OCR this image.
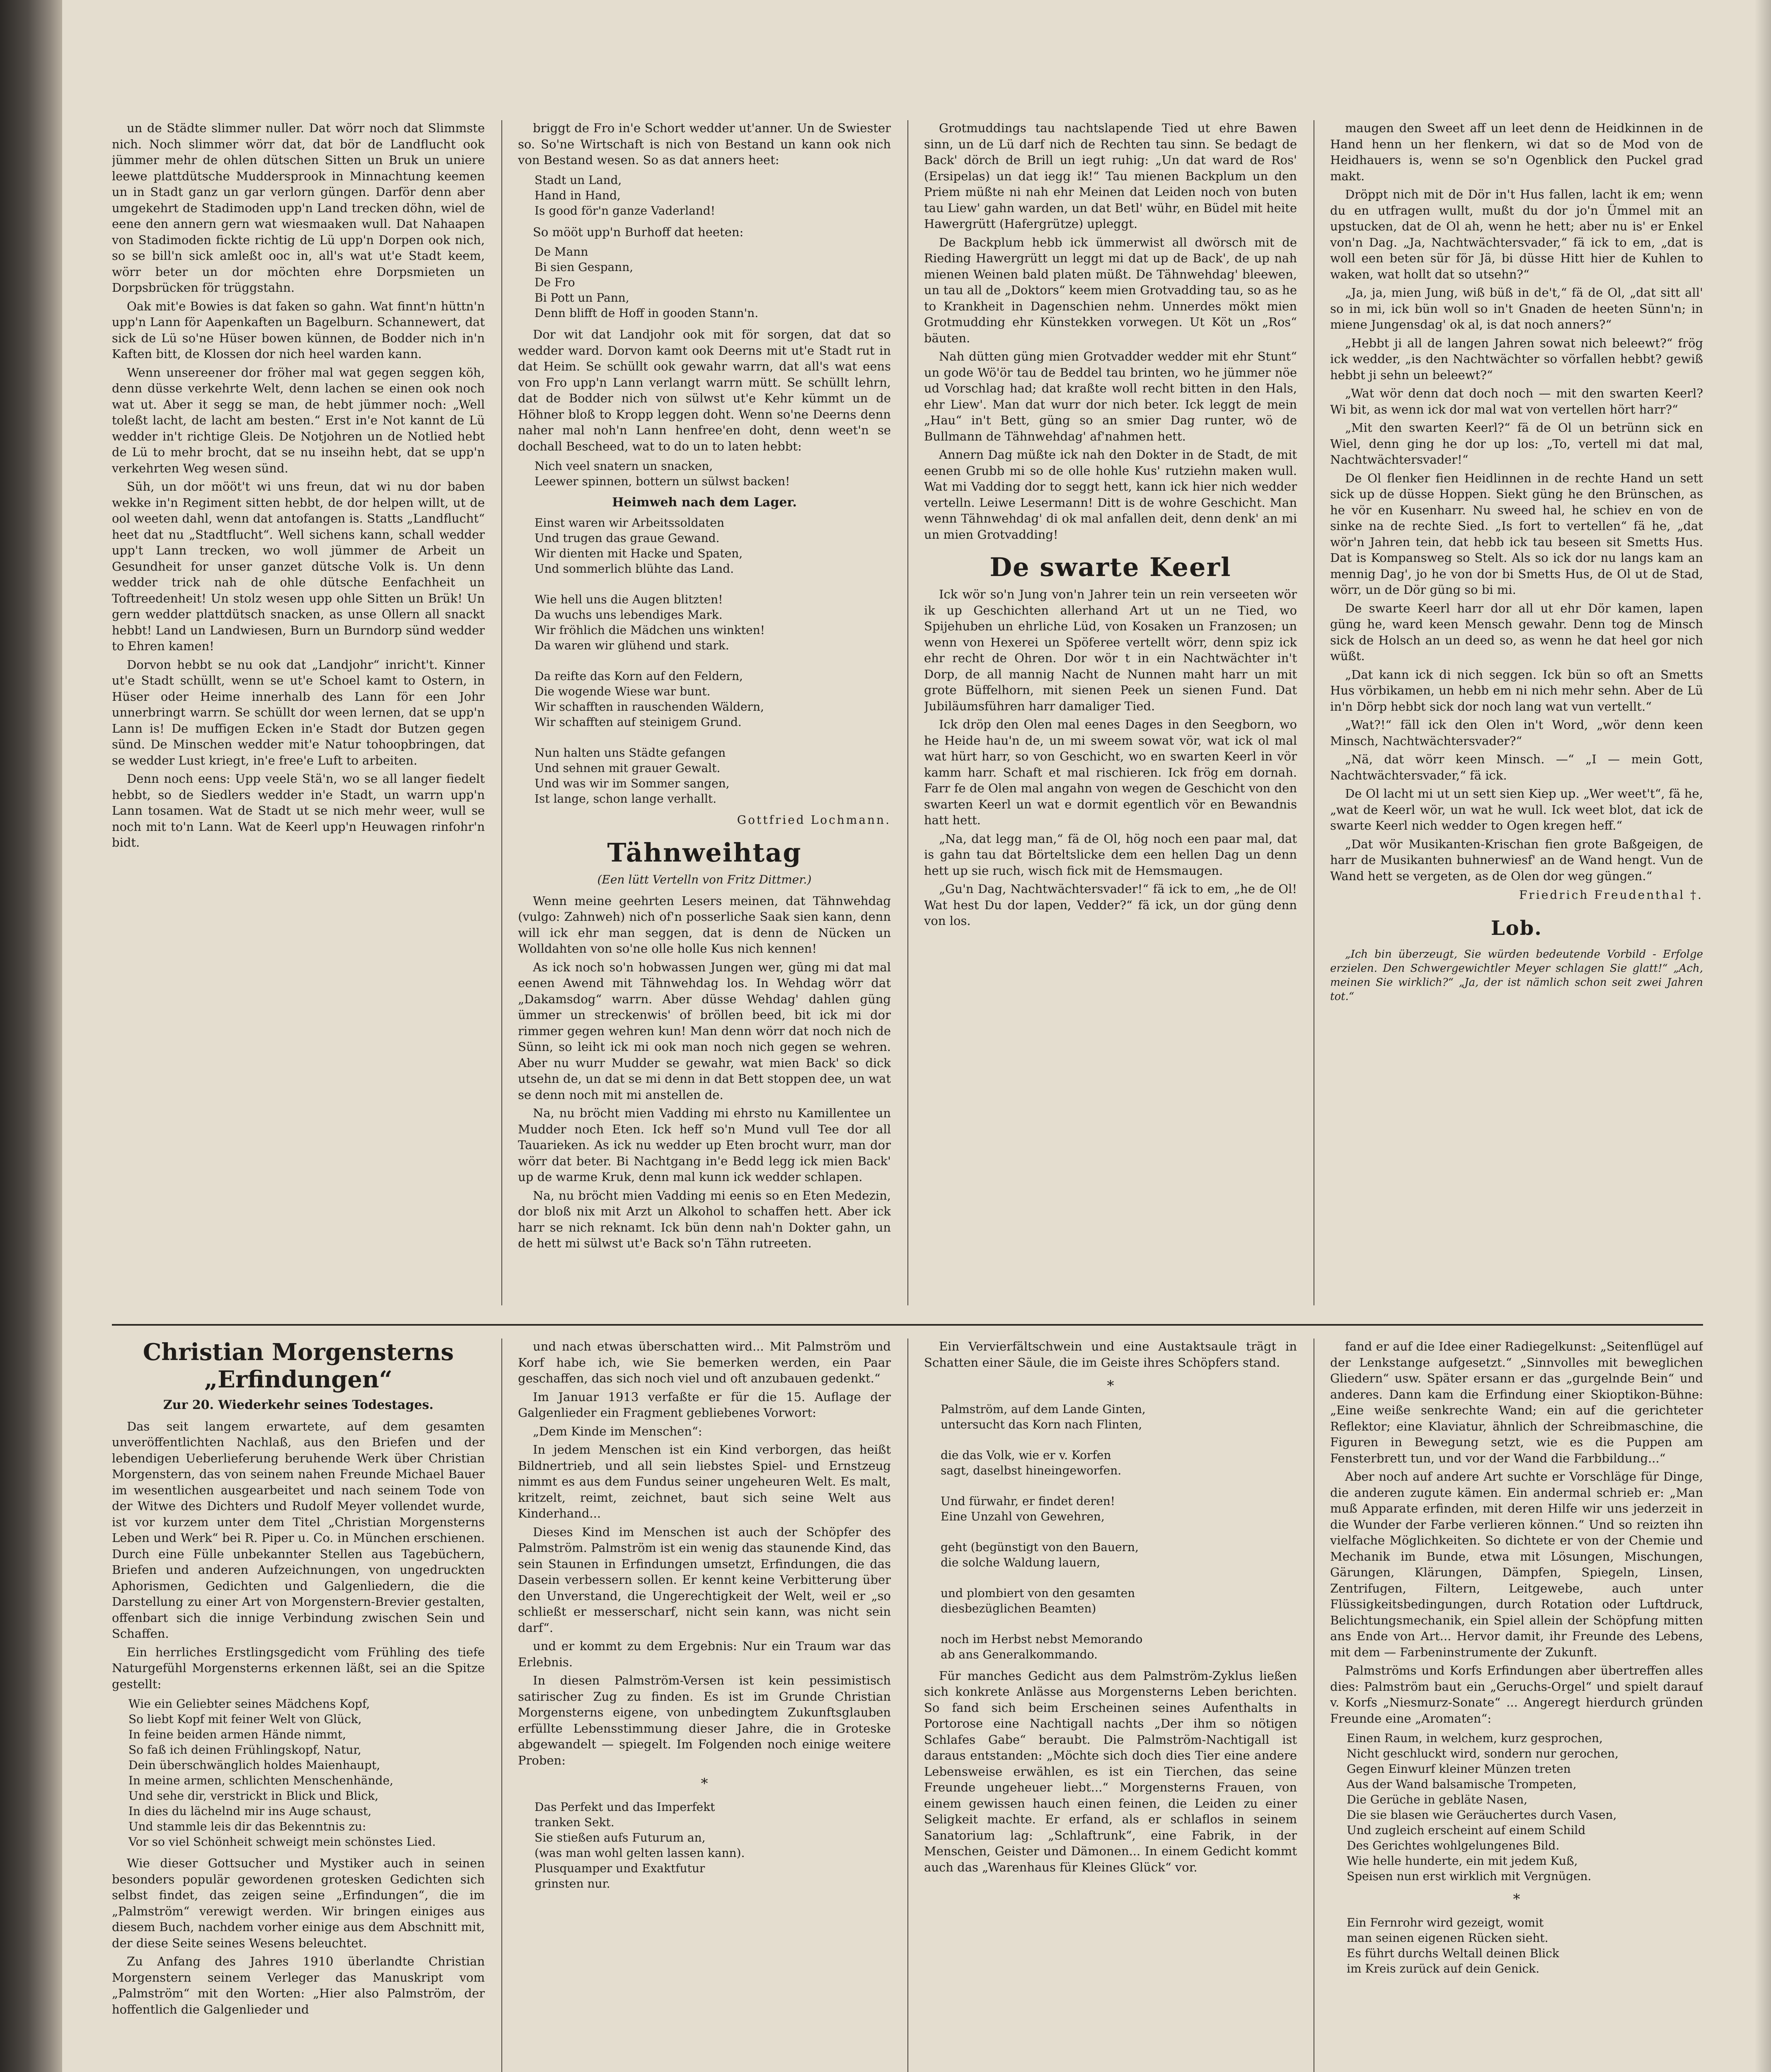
un de Städte slimmer nuller. Dat wörr noch dat Slimmste nich. Noch slimmer wörr dat, dat bör de Landflucht ook jümmer mehr de ohlen dütschen Sitten un Bruk un uniere leewe plattdütsche Muddersprook in Minnachtung keemen un in Stadt ganz un gar verlorn güngen. Darför denn aber umgekehrt de Stadimoden upp'n Land trecken döhn, wiel de eene den annern gern wat wiesmaaken wull. Dat Nahaapen von Stadimoden fickte richtig de Lü upp'n Dorpen ook nich, so se bill'n sick amleßt ooc in, all's wat ut'e Stadt keem, wörr beter un dor möchten ehre Dorpsmieten un Dorpsbrücken för trüggstahn.

Oak mit'e Bowies is dat faken so gahn. Wat finnt'n hüttn'n upp'n Lann för Aapenkaften un Bagelburn. Schannewert, dat sick de Lü so'ne Hüser bowen künnen, de Bodder nich in'n Kaften bitt, de Klossen dor nich heel warden kann.

Wenn unsereener dor fröher mal wat gegen seggen köh, denn düsse verkehrte Welt, denn lachen se einen ook noch wat ut. Aber it segg se man, de hebt jümmer noch: „Well toleßt lacht, de lacht am besten.“ Erst in'e Not kannt de Lü wedder in't richtige Gleis. De Notjohren un de Notlied hebt de Lü to mehr brocht, dat se nu inseihn hebt, dat se upp'n verkehrten Weg wesen sünd.

Süh, un dor mööt't wi uns freun, dat wi nu dor baben wekke in'n Regiment sitten hebbt, de dor helpen willt, ut de ool weeten dahl, wenn dat antofangen is. Statts „Landflucht“ heet dat nu „Stadtflucht“. Well sichens kann, schall wedder upp't Lann trecken, wo woll jümmer de Arbeit un Gesundheit for unser ganzet dütsche Volk is. Un denn wedder trick nah de ohle dütsche Eenfachheit un Toftreedenheit! Un stolz wesen upp ohle Sitten un Brük! Un gern wedder plattdütsch snacken, as unse Ollern all snackt hebbt! Land un Landwiesen, Burn un Burndorp sünd wedder to Ehren kamen!

Dorvon hebbt se nu ook dat „Landjohr“ inricht't. Kinner ut'e Stadt schüllt, wenn se ut'e Schoel kamt to Ostern, in Hüser oder Heime innerhalb des Lann för een Johr unnerbringt warrn. Se schüllt dor ween lernen, dat se upp'n Lann is! De muffigen Ecken in'e Stadt dor Butzen gegen sünd. De Minschen wedder mit'e Natur tohoopbringen, dat se wedder Lust kriegt, in'e free'e Luft to arbeiten.

Denn noch eens: Upp veele Stä'n, wo se all langer fiedelt hebbt, so de Siedlers wedder in'e Stadt, un warrn upp'n Lann tosamen. Wat de Stadt ut se nich mehr weer, wull se noch mit to'n Lann. Wat de Keerl upp'n Heuwagen rinfohr'n bidt.

briggt de Fro in'e Schort wedder ut'anner. Un de Swiester so. So'ne Wirtschaft is nich von Bestand un kann ook nich von Bestand wesen. So as dat anners heet:

Stadt un Land,
Hand in Hand,
Is good för'n ganze Vaderland!

So mööt upp'n Burhoff dat heeten:

De Mann
Bi sien Gespann,
De Fro
Bi Pott un Pann,
Denn blifft de Hoff in gooden Stann'n.

Dor wit dat Landjohr ook mit för sorgen, dat dat so wedder ward. Dorvon kamt ook Deerns mit ut'e Stadt rut in dat Heim. Se schüllt ook gewahr warrn, dat all's wat eens von Fro upp'n Lann verlangt warrn mütt. Se schüllt lehrn, dat de Bodder nich von sülwst ut'e Kehr kümmt un de Höhner bloß to Kropp leggen doht. Wenn so'ne Deerns denn naher mal noh'n Lann henfree'en doht, denn weet'n se dochall Bescheed, wat to do un to laten hebbt:

Nich veel snatern un snacken,
Leewer spinnen, bottern un sülwst backen!
Heimweh nach dem Lager.
Einst waren wir Arbeitssoldaten
Und trugen das graue Gewand.
Wir dienten mit Hacke und Spaten,
Und sommerlich blühte das Land.

Wie hell uns die Augen blitzten!
Da wuchs uns lebendiges Mark.
Wir fröhlich die Mädchen uns winkten!
Da waren wir glühend und stark.

Da reifte das Korn auf den Feldern,
Die wogende Wiese war bunt.
Wir schafften in rauschenden Wäldern,
Wir schafften auf steinigem Grund.

Nun halten uns Städte gefangen
Und sehnen mit grauer Gewalt.
Und was wir im Sommer sangen,
Ist lange, schon lange verhallt.
Gottfried Lochmann.
Tähnweihtag
(Een lütt Vertelln von Fritz Dittmer.)

Wenn meine geehrten Lesers meinen, dat Tähnwehdag (vulgo: Zahnweh) nich of'n posserliche Saak sien kann, denn will ick ehr man seggen, dat is denn de Nücken un Wolldahten von so'ne olle holle Kus nich kennen!

As ick noch so'n hobwassen Jungen wer, güng mi dat mal eenen Awend mit Tähnwehdag los. In Wehdag wörr dat „Dakamsdog“ warrn. Aber düsse Wehdag' dahlen güng ümmer un streckenwis' of bröllen beed, bit ick mi dor rimmer gegen wehren kun! Man denn wörr dat noch nich de Sünn, so leiht ick mi ook man noch nich gegen se wehren. Aber nu wurr Mudder se gewahr, wat mien Back' so dick utsehn de, un dat se mi denn in dat Bett stoppen dee, un wat se denn noch mit mi anstellen de.

Na, nu bröcht mien Vadding mi ehrsto nu Kamillentee un Mudder noch Eten. Ick heff so'n Mund vull Tee dor all Tauarieken. As ick nu wedder up Eten brocht wurr, man dor wörr dat beter. Bi Nachtgang in'e Bedd legg ick mien Back' up de warme Kruk, denn mal kunn ick wedder schlapen.

Na, nu bröcht mien Vadding mi eenis so en Eten Medezin, dor bloß nix mit Arzt un Alkohol to schaffen hett. Aber ick harr se nich reknamt. Ick bün denn nah'n Dokter gahn, un de hett mi sülwst ut'e Back so'n Tähn rutreeten.

Grotmuddings tau nachtslapende Tied ut ehre Bawen sinn, un de Lü darf nich de Rechten tau sinn. Se bedagt de Back' dörch de Brill un iegt ruhig: „Un dat ward de Ros' (Ersipelas) un dat iegg ik!“ Tau mienen Backplum un den Priem müßte ni nah ehr Meinen dat Leiden noch von buten tau Liew' gahn warden, un dat Betl' wühr, en Büdel mit heite Hawergrütt (Hafergrütze) upleggt.

De Backplum hebb ick ümmerwist all dwörsch mit de Rieding Hawergrütt un leggt mi dat up de Back', de up nah mienen Weinen bald platen müßt. De Tähnwehdag' bleewen, un tau all de „Doktors“ keem mien Grotvadding tau, so as he to Krankheit in Dagenschien nehm. Unnerdes mökt mien Grotmudding ehr Künstekken vorwegen. Ut Köt un „Ros“ bäuten.

Nah dütten güng mien Grotvadder wedder mit ehr Stunt“ un gode Wö'ör tau de Beddel tau brinten, wo he jümmer nöe ud Vorschlag had; dat kraßte woll recht bitten in den Hals, ehr Liew'. Man dat wurr dor nich beter. Ick leggt de mein „Hau“ in't Bett, güng so an smier Dag runter, wö de Bullmann de Tähnwehdag' af'nahmen hett.

Annern Dag müßte ick nah den Dokter in de Stadt, de mit eenen Grubb mi so de olle hohle Kus' rutziehn maken wull. Wat mi Vadding dor to seggt hett, kann ick hier nich wedder vertelln. Leiwe Lesermann! Ditt is de wohre Geschicht. Man wenn Tähnwehdag' di ok mal anfallen deit, denn denk' an mi un mien Grotvadding!

De swarte Keerl

Ick wör so'n Jung von'n Jahrer tein un rein verseeten wör ik up Geschichten allerhand Art ut un ne Tied, wo Spijehuben un ehrliche Lüd, von Kosaken un Franzosen; un wenn von Hexerei un Spöferee vertellt wörr, denn spiz ick ehr recht de Ohren. Dor wör t in ein Nachtwächter in't Dorp, de all mannig Nacht de Nunnen maht harr un mit grote Büffelhorn, mit sienen Peek un sienen Fund. Dat Jubiläumsführen harr damaliger Tied.

Ick dröp den Olen mal eenes Dages in den Seegborn, wo he Heide hau'n de, un mi sweem sowat vör, wat ick ol mal wat hürt harr, so von Geschicht, wo en swarten Keerl in vör kamm harr. Schaft et mal rischieren. Ick frög em dornah. Farr fe de Olen mal angahn von wegen de Geschicht von den swarten Keerl un wat e dormit egentlich vör en Bewandnis hatt hett.

„Na, dat legg man,“ fä de Ol, hög noch een paar mal, dat is gahn tau dat Börteltslicke dem een hellen Dag un denn hett up sie ruch, wisch fick mit de Hemsmaugen.

„Gu'n Dag, Nachtwächtersvader!“ fä ick to em, „he de Ol! Wat hest Du dor lapen, Vedder?“ fä ick, un dor güng denn von los.

maugen den Sweet aff un leet denn de Heidkinnen in de Hand henn un her flenkern, wi dat so de Mod von de Heidhauers is, wenn se so'n Ogenblick den Puckel grad makt.

Dröppt nich mit de Dör in't Hus fallen, lacht ik em; wenn du en utfragen wullt, mußt du dor jo'n Ümmel mit an upstucken, dat de Ol ah, wenn he hett; aber nu is' er Enkel von'n Dag. „Ja, Nachtwächtersvader,“ fä ick to em, „dat is woll een beten sür för Jä, bi düsse Hitt hier de Kuhlen to waken, wat hollt dat so utsehn?“

„Ja, ja, mien Jung, wiß büß in de't,“ fä de Ol, „dat sitt all' so in mi, ick bün woll so in't Gnaden de heeten Sünn'n; in miene Jungensdag' ok al, is dat noch anners?“

„Hebbt ji all de langen Jahren sowat nich beleewt?“ frög ick wedder, „is den Nachtwächter so vörfallen hebbt? gewiß hebbt ji sehn un beleewt?“

„Wat wör denn dat doch noch — mit den swarten Keerl? Wi bit, as wenn ick dor mal wat von vertellen hört harr?“

„Mit den swarten Keerl?“ fä de Ol un betrünn sick en Wiel, denn ging he dor up los: „To, vertell mi dat mal, Nachtwächtersvader!“

De Ol flenker fien Heidlinnen in de rechte Hand un sett sick up de düsse Hoppen. Siekt güng he den Brünschen, as he vör en Kusenharr. Nu sweed hal, he schiev en von de sinke na de rechte Sied. „Is fort to vertellen“ fä he, „dat wör'n Jahren tein, dat hebb ick tau beseen sit Smetts Hus. Dat is Kompansweg so Stelt. Als so ick dor nu langs kam an mennig Dag', jo he von dor bi Smetts Hus, de Ol ut de Stad, wörr, un de Dör güng so bi mi.

De swarte Keerl harr dor all ut ehr Dör kamen, lapen güng he, ward keen Mensch gewahr. Denn tog de Minsch sick de Holsch an un deed so, as wenn he dat heel gor nich wüßt.

„Dat kann ick di nich seggen. Ick bün so oft an Smetts Hus vörbikamen, un hebb em ni nich mehr sehn. Aber de Lü in'n Dörp hebbt sick dor noch lang wat vun vertellt.“

„Wat?!“ fäll ick den Olen in't Word, „wör denn keen Minsch, Nachtwächtersvader?“

„Nä, dat wörr keen Minsch. —“ „I — mein Gott, Nachtwächtersvader,“ fä ick.

De Ol lacht mi ut un sett sien Kiep up. „Wer weet't“, fä he, „wat de Keerl wör, un wat he wull. Ick weet blot, dat ick de swarte Keerl nich wedder to Ogen kregen heff.“

„Dat wör Musikanten-Krischan fien grote Baßgeigen, de harr de Musikanten buhnerwiesf' an de Wand hengt. Vun de Wand hett se vergeten, as de Olen dor weg güngen.“

Friedrich Freudenthal †.
Lob.

„Ich bin überzeugt, Sie würden bedeutende Vorbild - Erfolge erzielen. Den Schwergewichtler Meyer schlagen Sie glatt!“ „Ach, meinen Sie wirklich?“ „Ja, der ist nämlich schon seit zwei Jahren tot.“

Christian Morgensterns „Erfindungen“
Zur 20. Wiederkehr seines Todestages.

Das seit langem erwartete, auf dem gesamten unveröffentlichten Nachlaß, aus den Briefen und der lebendigen Ueberlieferung beruhende Werk über Christian Morgenstern, das von seinem nahen Freunde Michael Bauer im wesentlichen ausgearbeitet und nach seinem Tode von der Witwe des Dichters und Rudolf Meyer vollendet wurde, ist vor kurzem unter dem Titel „Christian Morgensterns Leben und Werk“ bei R. Piper u. Co. in München erschienen. Durch eine Fülle unbekannter Stellen aus Tagebüchern, Briefen und anderen Aufzeichnungen, von ungedruckten Aphorismen, Gedichten und Galgenliedern, die die Darstellung zu einer Art von Morgenstern-Brevier gestalten, offenbart sich die innige Verbindung zwischen Sein und Schaffen.

Ein herrliches Erstlingsgedicht vom Frühling des tiefe Naturgefühl Morgensterns erkennen läßt, sei an die Spitze gestellt:

Wie ein Geliebter seines Mädchens Kopf,
So liebt Kopf mit feiner Welt von Glück,
In feine beiden armen Hände nimmt,
So faß ich deinen Frühlingskopf, Natur,
Dein überschwänglich holdes Maienhaupt,
In meine armen, schlichten Menschenhände,
Und sehe dir, verstrickt in Blick und Blick,
In dies du lächelnd mir ins Auge schaust,
Und stammle leis dir das Bekenntnis zu:
Vor so viel Schönheit schweigt mein schönstes Lied.

Wie dieser Gottsucher und Mystiker auch in seinen besonders populär gewordenen grotesken Gedichten sich selbst findet, das zeigen seine „Erfindungen“, die im „Palmström“ verewigt werden. Wir bringen einiges aus diesem Buch, nachdem vorher einige aus dem Abschnitt mit, der diese Seite seines Wesens beleuchtet.

Zu Anfang des Jahres 1910 überlandte Christian Morgenstern seinem Verleger das Manuskript vom „Palmström“ mit den Worten: „Hier also Palmström, der hoffentlich die Galgenlieder und

und nach etwas überschatten wird... Mit Palmström und Korf habe ich, wie Sie bemerken werden, ein Paar geschaffen, das sich noch viel und oft anzubauen gedenkt.“

Im Januar 1913 verfaßte er für die 15. Auflage der Galgenlieder ein Fragment gebliebenes Vorwort:

„Dem Kinde im Menschen“:

In jedem Menschen ist ein Kind verborgen, das heißt Bildnertrieb, und all sein liebstes Spiel- und Ernstzeug nimmt es aus dem Fundus seiner ungeheuren Welt. Es malt, kritzelt, reimt, zeichnet, baut sich seine Welt aus Kinderhand...

Dieses Kind im Menschen ist auch der Schöpfer des Palmström. Palmström ist ein wenig das staunende Kind, das sein Staunen in Erfindungen umsetzt, Erfindungen, die das Dasein verbessern sollen. Er kennt keine Verbitterung über den Unverstand, die Ungerechtigkeit der Welt, weil er „so schließt er messerscharf, nicht sein kann, was nicht sein darf“.

und er kommt zu dem Ergebnis: Nur ein Traum war das Erlebnis.

In diesen Palmström-Versen ist kein pessimistisch satirischer Zug zu finden. Es ist im Grunde Christian Morgensterns eigene, von unbedingtem Zukunftsglauben erfüllte Lebensstimmung dieser Jahre, die in Groteske abgewandelt — spiegelt. Im Folgenden noch einige weitere Proben:

*
Das Perfekt und das Imperfekt
tranken Sekt.
Sie stießen aufs Futurum an,
(was man wohl gelten lassen kann).
Plusquamper und Exaktfutur
grinsten nur.

Ein Vervierfältschwein und eine Austaktsaule trägt in Schatten einer Säule, die im Geiste ihres Schöpfers stand.

*
Palmström, auf dem Lande Ginten,
untersucht das Korn nach Flinten,

die das Volk, wie er v. Korfen
sagt, daselbst hineingeworfen.

Und fürwahr, er findet deren!
Eine Unzahl von Gewehren,

geht (begünstigt von den Bauern,
die solche Waldung lauern,

und plombiert von den gesamten
diesbezüglichen Beamten)

noch im Herbst nebst Memorando
ab ans Generalkommando.

Für manches Gedicht aus dem Palmström-Zyklus ließen sich konkrete Anlässe aus Morgensterns Leben berichten. So fand sich beim Erscheinen seines Aufenthalts in Portorose eine Nachtigall nachts „Der ihm so nötigen Schlafes Gabe“ beraubt. Die Palmström-Nachtigall ist daraus entstanden: „Möchte sich doch dies Tier eine andere Lebensweise erwählen, es ist ein Tierchen, das seine Freunde ungeheuer liebt...“ Morgensterns Frauen, von einem gewissen hauch einen feinen, die Leiden zu einer Seligkeit machte. Er erfand, als er schlaflos in seinem Sanatorium lag: „Schlaftrunk“, eine Fabrik, in der Menschen, Geister und Dämonen... In einem Gedicht kommt auch das „Warenhaus für Kleines Glück“ vor.

fand er auf die Idee einer Radiegelkunst: „Seitenflügel auf der Lenkstange aufgesetzt.“ „Sinnvolles mit beweglichen Gliedern“ usw. Später ersann er das „gurgelnde Bein“ und anderes. Dann kam die Erfindung einer Skioptikon-Bühne: „Eine weiße senkrechte Wand; ein auf die gerichteter Reflektor; eine Klaviatur, ähnlich der Schreibmaschine, die Figuren in Bewegung setzt, wie es die Puppen am Fensterbrett tun, und vor der Wand die Farbbildung...“

Aber noch auf andere Art suchte er Vorschläge für Dinge, die anderen zugute kämen. Ein andermal schrieb er: „Man muß Apparate erfinden, mit deren Hilfe wir uns jederzeit in die Wunder der Farbe verlieren können.“ Und so reizten ihn vielfache Möglichkeiten. So dichtete er von der Chemie und Mechanik im Bunde, etwa mit Lösungen, Mischungen, Gärungen, Klärungen, Dämpfen, Spiegeln, Linsen, Zentrifugen, Filtern, Leitgewebe, auch unter Flüssigkeitsbedingungen, durch Rotation oder Luftdruck, Belichtungsmechanik, ein Spiel allein der Schöpfung mitten ans Ende von Art... Hervor damit, ihr Freunde des Lebens, mit dem — Farbeninstrumente der Zukunft.

Palmströms und Korfs Erfindungen aber übertreffen alles dies: Palmström baut ein „Geruchs-Orgel“ und spielt darauf v. Korfs „Niesmurz-Sonate“ ... Angeregt hierdurch gründen Freunde eine „Aromaten“:

Einen Raum, in welchem, kurz gesprochen,
Nicht geschluckt wird, sondern nur gerochen,
Gegen Einwurf kleiner Münzen treten
Aus der Wand balsamische Trompeten,
Die Gerüche in gebläte Nasen,
Die sie blasen wie Geräuchertes durch Vasen,
Und zugleich erscheint auf einem Schild
Des Gerichtes wohlgelungenes Bild.
Wie helle hunderte, ein mit jedem Kuß,
Speisen nun erst wirklich mit Vergnügen.
*
Ein Fernrohr wird gezeigt, womit
man seinen eigenen Rücken sieht.
Es führt durchs Weltall deinen Blick
im Kreis zurück auf dein Genick.
